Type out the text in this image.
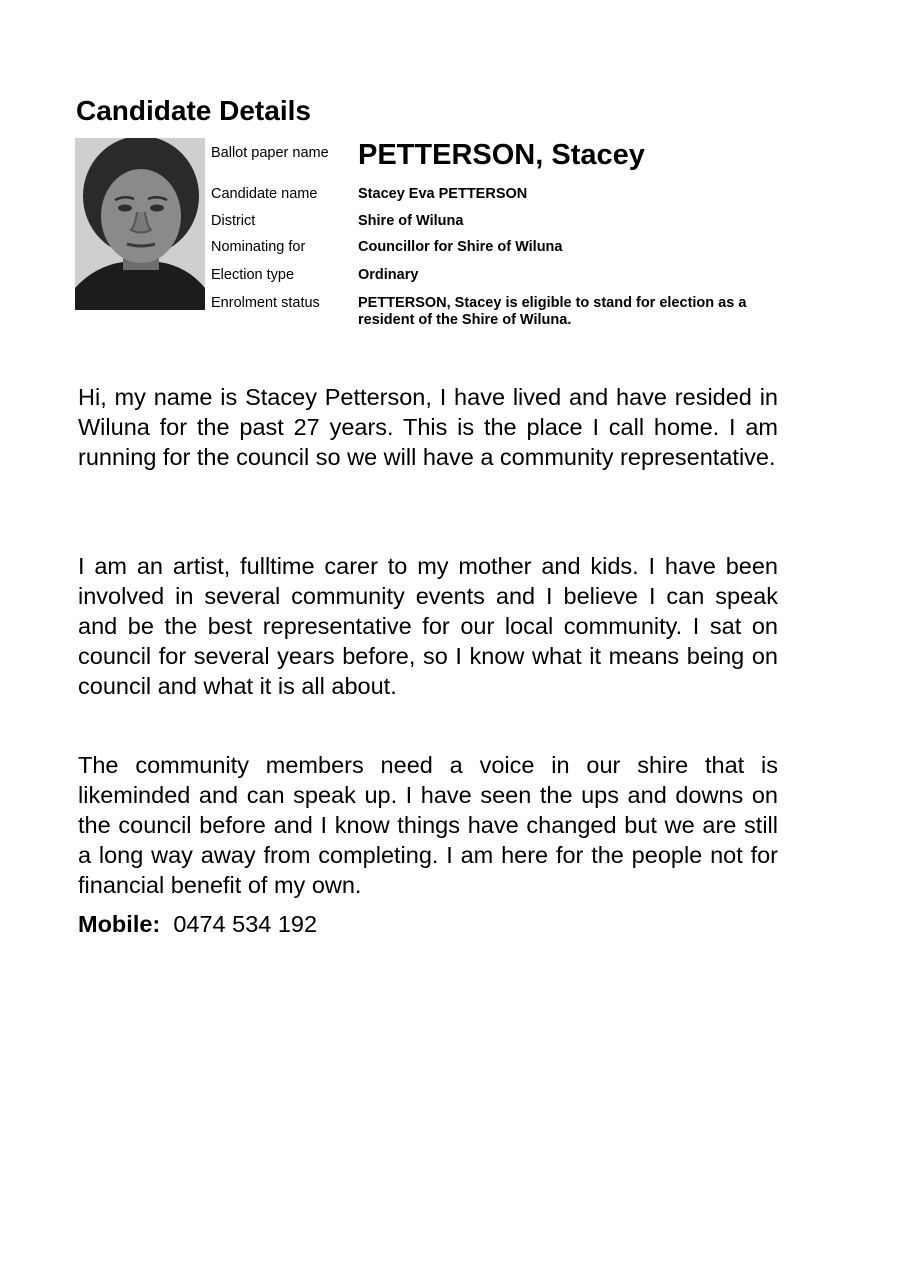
Candidate Details
Ballot paper name PETTERSON, Stacey
Candidate name	Stacey Eva PETTERSON
District	Shire of Wiluna
Nominating for	Councillor for Shire of Wiluna
Election type	Ordinary
Enrolment status	PETTERSON, Stacey is eligible to stand for election as a resident of the Shire of Wiluna.

Hi, my name is Stacey Petterson, I have lived and have resided in Wiluna for the past 27 years. This is the place I call home. I am running for the council so we will have a community representative.

I am an artist, fulltime carer to my mother and kids. I have been involved in several community events and I believe I can speak and be the best representative for our local community. I sat on council for several years before, so I know what it means being on council and what it is all about.

The community members need a voice in our shire that is likeminded and can speak up. I have seen the ups and downs on the council before and I know things have changed but we are still a long way away from completing. I am here for the people not for financial benefit of my own.

Mobile: 0474 534 192
